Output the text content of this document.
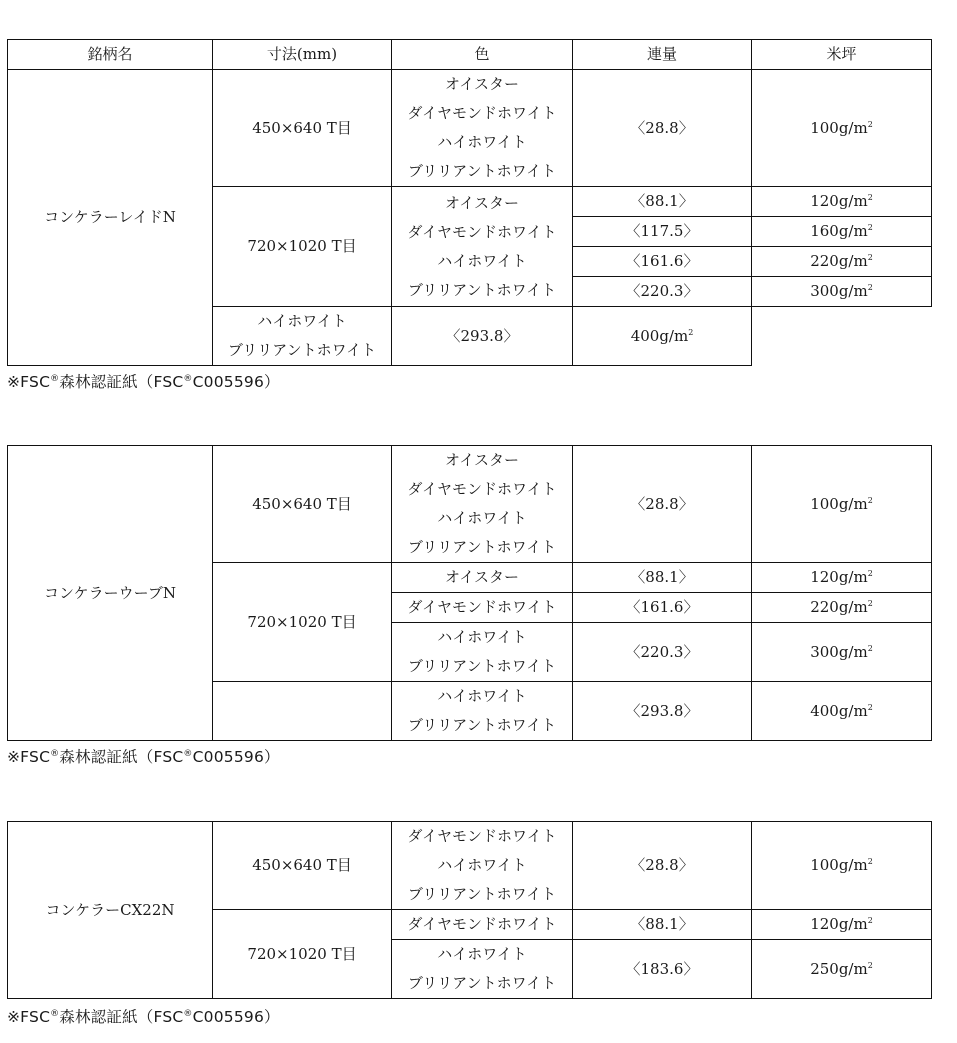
銘柄名	寸法(mm)	色	連量	米坪
コンケラーレイドN	450×640 T目	オイスター
ダイヤモンドホワイト
ハイホワイト
ブリリアントホワイト	〈28.8〉	$100g/m^2$
	720×1020 T目	オイスター
ダイヤモンドホワイト
ハイホワイト
ブリリアントホワイト	〈88.1〉	$120g/m^2$
			〈117.5〉	$160g/m^2$
			〈161.6〉	$220g/m^2$
			〈220.3〉	$300g/m^2$

	ハイホワイト
ブリリアントホワイト	〈293.8〉	$400g/m^2$
※FSC®森林認証紙（FSC®C005596）
コンケラーウーブN	450×640 T目	オイスター
ダイヤモンドホワイト
ハイホワイト
ブリリアントホワイト	〈28.8〉	$100g/m^2$
	720×1020 T目	オイスター	〈88.1〉	$120g/m^2$
		ダイヤモンドホワイト	〈161.6〉	$220g/m^2$

		ハイホワイト
ブリリアントホワイト	〈220.3〉	$300g/m^2$

		ハイホワイト
ブリリアントホワイト	〈293.8〉	$400g/m^2$
※FSC®森林認証紙（FSC®C005596）
コンケラーCX22N	450×640 T目	ダイヤモンドホワイト
ハイホワイト
ブリリアントホワイト	〈28.8〉	$100g/m^2$
	720×1020 T目	ダイヤモンドホワイト	〈88.1〉	$120g/m^2$

		ハイホワイト
ブリリアントホワイト	〈183.6〉	$250g/m^2$
※FSC®森林認証紙（FSC®C005596）
